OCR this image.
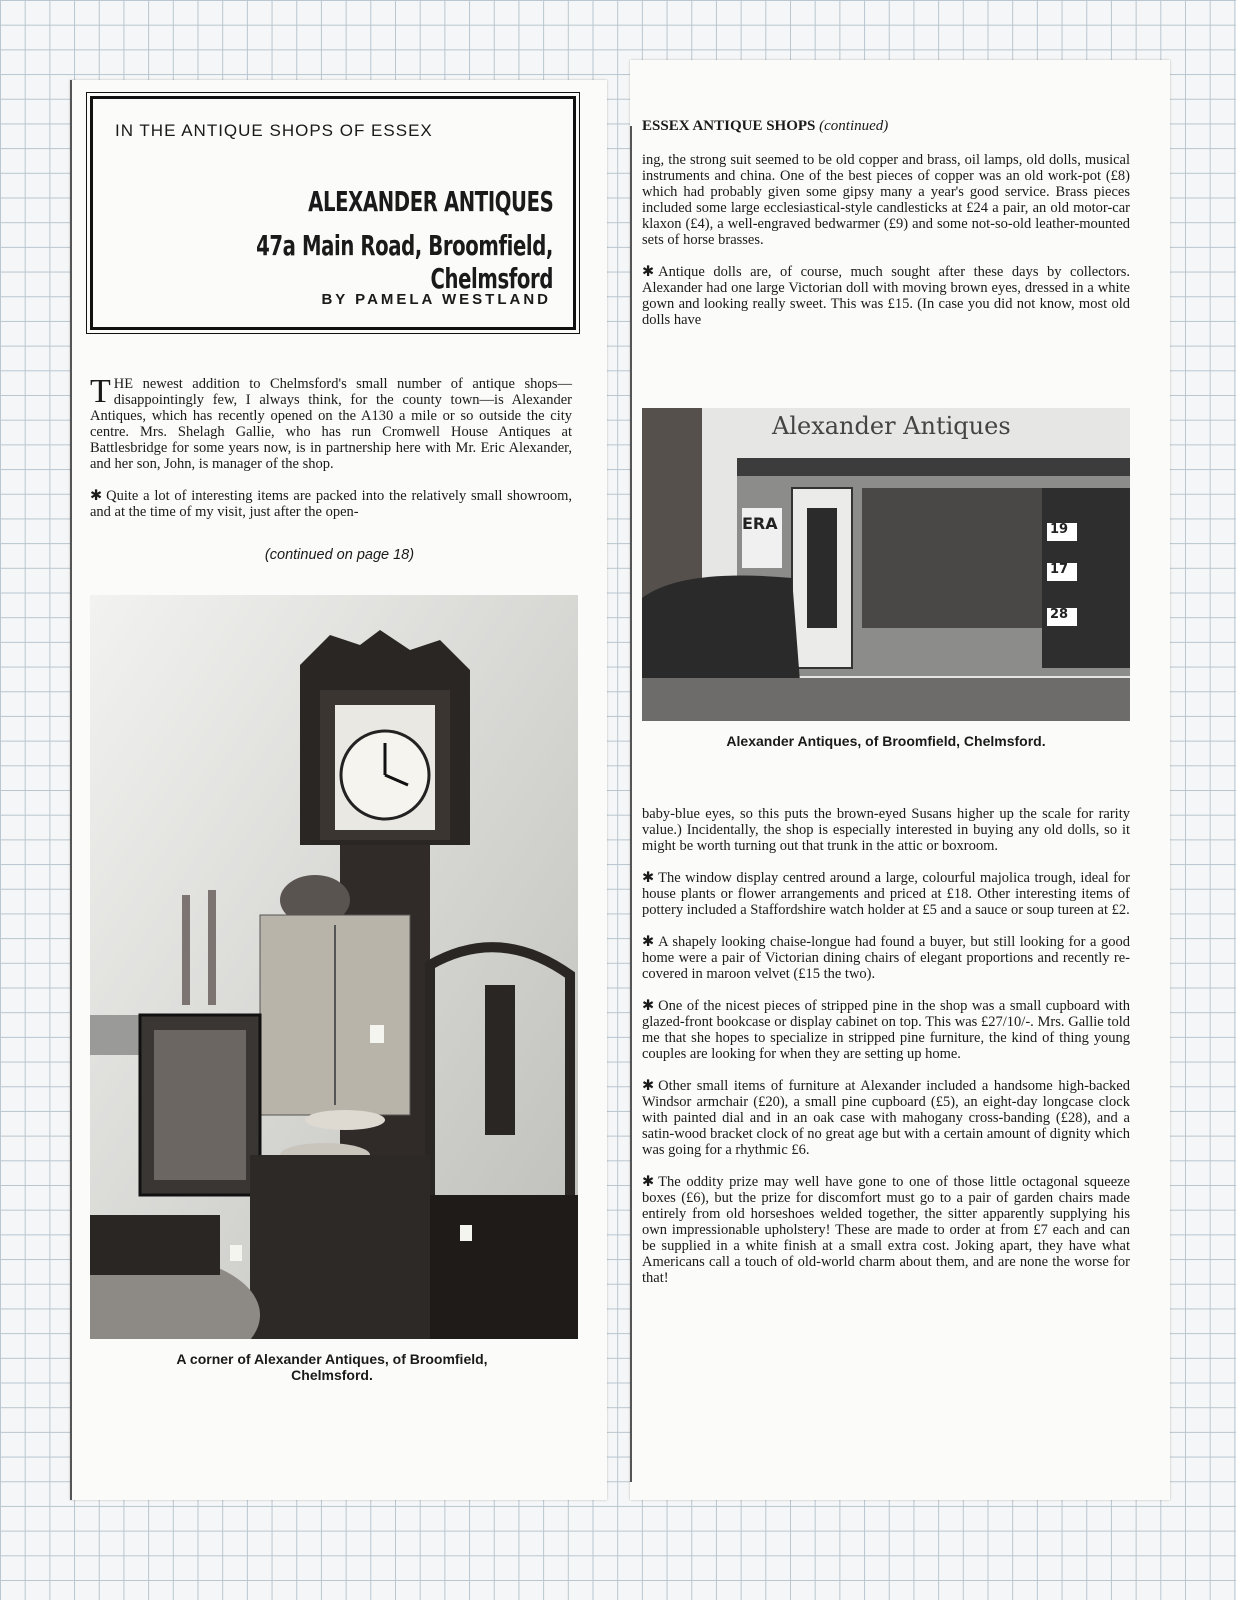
IN THE ANTIQUE SHOPS OF ESSEX
ALEXANDER ANTIQUES
47a Main Road, Broomfield, Chelmsford
BY PAMELA WESTLAND

THE newest addition to Chelmsford's small number of antique shops—disappointingly few, I always think, for the county town—is Alexander Antiques, which has recently opened on the A130 a mile or so outside the city centre. Mrs. Shelagh Gallie, who has run Cromwell House Antiques at Battlesbridge for some years now, is in partnership here with Mr. Eric Alexander, and her son, John, is manager of the shop.

✱ Quite a lot of interesting items are packed into the relatively small showroom, and at the time of my visit, just after the open-

(continued on page 18)
A corner of Alexander Antiques, of Broomfield, Chelmsford.
ESSEX ANTIQUE SHOPS (continued)

ing, the strong suit seemed to be old copper and brass, oil lamps, old dolls, musical instruments and china. One of the best pieces of copper was an old work-pot (£8) which had probably given some gipsy many a year's good service. Brass pieces included some large ecclesiastical-style candlesticks at £24 a pair, an old motor-car klaxon (£4), a well-engraved bedwarmer (£9) and some not-so-old leather-mounted sets of horse brasses.

✱ Antique dolls are, of course, much sought after these days by collectors. Alexander had one large Victorian doll with moving brown eyes, dressed in a white gown and looking really sweet. This was £15. (In case you did not know, most old dolls have

Alexander Antiques
ERA	19
17
28
Alexander Antiques, of Broomfield, Chelmsford.

baby-blue eyes, so this puts the brown-eyed Susans higher up the scale for rarity value.) Incidentally, the shop is especially interested in buying any old dolls, so it might be worth turning out that trunk in the attic or boxroom.

✱ The window display centred around a large, colourful majolica trough, ideal for house plants or flower arrangements and priced at £18. Other interesting items of pottery included a Staffordshire watch holder at £5 and a sauce or soup tureen at £2.

✱ A shapely looking chaise-longue had found a buyer, but still looking for a good home were a pair of Victorian dining chairs of elegant proportions and recently re-covered in maroon velvet (£15 the two).

✱ One of the nicest pieces of stripped pine in the shop was a small cupboard with glazed-front bookcase or display cabinet on top. This was £27/10/-. Mrs. Gallie told me that she hopes to specialize in stripped pine furniture, the kind of thing young couples are looking for when they are setting up home.

✱ Other small items of furniture at Alexander included a handsome high-backed Windsor armchair (£20), a small pine cupboard (£5), an eight-day longcase clock with painted dial and in an oak case with mahogany cross-banding (£28), and a satin-wood bracket clock of no great age but with a certain amount of dignity which was going for a rhythmic £6.

✱ The oddity prize may well have gone to one of those little octagonal squeeze boxes (£6), but the prize for discomfort must go to a pair of garden chairs made entirely from old horseshoes welded together, the sitter apparently supplying his own impressionable upholstery! These are made to order at from £7 each and can be supplied in a white finish at a small extra cost. Joking apart, they have what Americans call a touch of old-world charm about them, and are none the worse for that!
